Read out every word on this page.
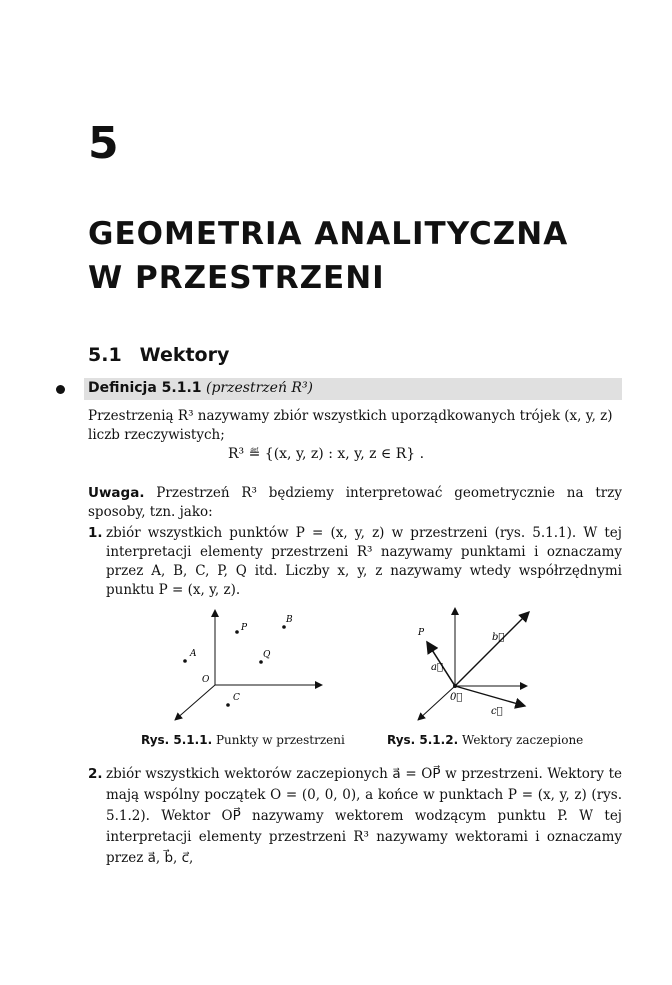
5
GEOMETRIA ANALITYCZNA
W PRZESTRZENI
5.1 Wektory
Definicja 5.1.1 (przestrzeń R³)
Przestrzenią R³ nazywamy zbiór wszystkich uporządkowanych trójek (x, y, z) liczb rzeczywistych;
R³ ≝ {(x, y, z) : x, y, z ∈ R} .
Uwaga. Przestrzeń R³ będziemy interpretować geometrycznie na trzy sposoby, tzn. jako:
1. zbiór wszystkich punktów P = (x, y, z) w przestrzeni (rys. 5.1.1). W tej interpretacji elementy przestrzeni R³ nazywamy punktami i oznaczamy przez A, B, C, P, Q itd. Liczby x, y, z nazywamy wtedy współrzędnymi punktu P = (x, y, z).
P
B
A	Q
O
C
P	b⃗
a⃗
0⃗
c⃗
Rys. 5.1.1. Punkty w przestrzeni	Rys. 5.1.2. Wektory zaczepione
2. zbiór wszystkich wektorów zaczepionych a⃗ = OP⃗ w przestrzeni. Wektory te mają wspólny początek O = (0, 0, 0), a końce w punktach P = (x, y, z) (rys. 5.1.2). Wektor OP⃗ nazywamy wektorem wodzącym punktu P. W tej interpretacji elementy przestrzeni R³ nazywamy wektorami i oznaczamy przez a⃗, b⃗, c⃗,
